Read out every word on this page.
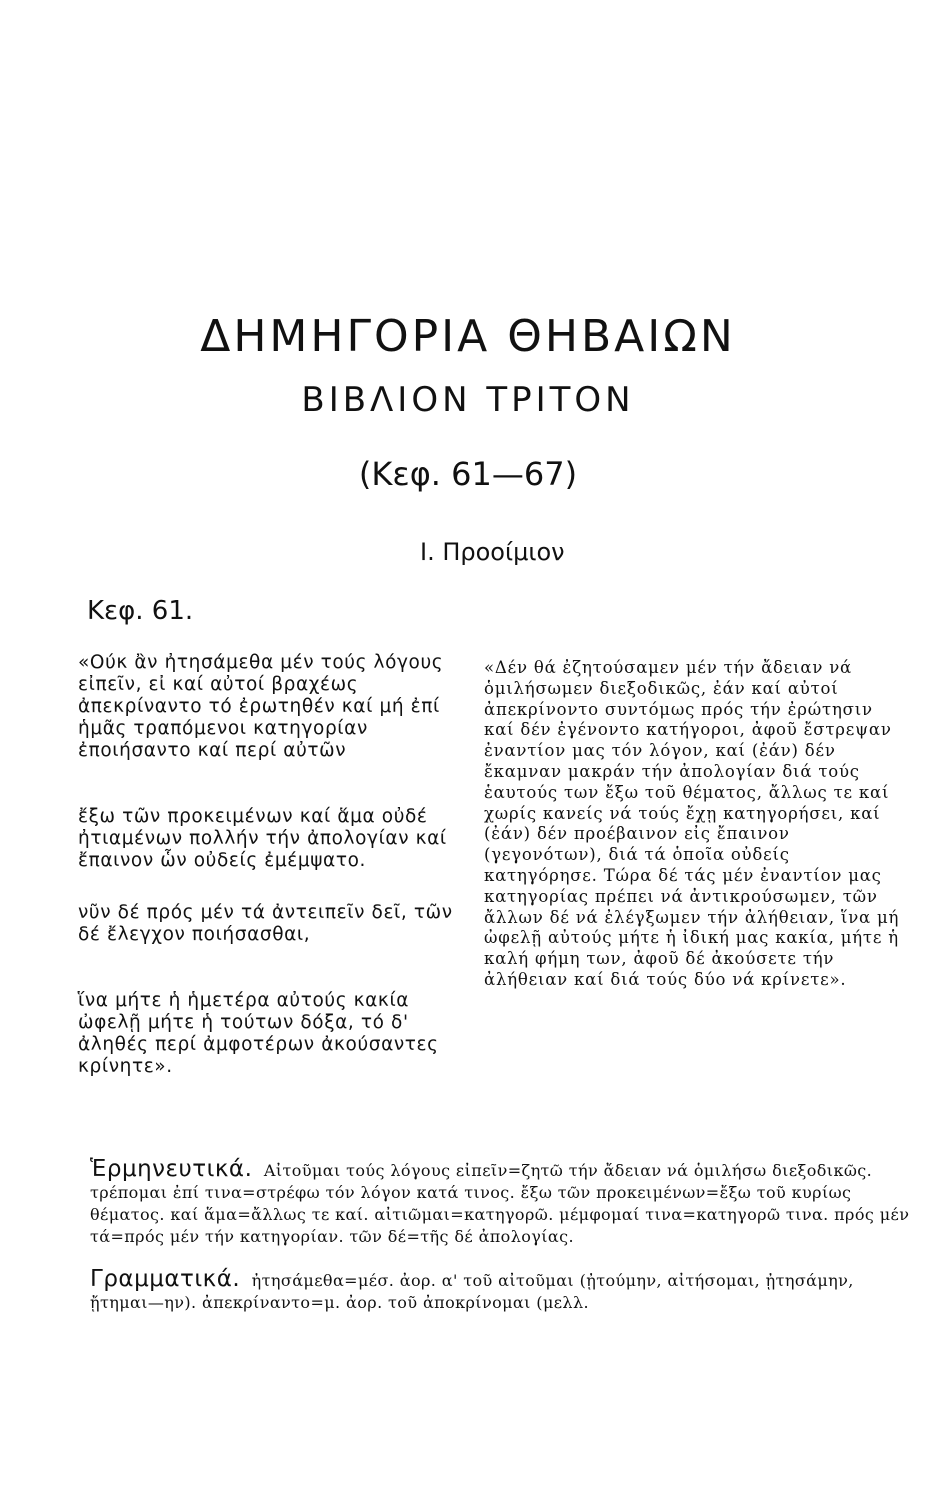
ΔΗΜΗΓΟΡΙΑ ΘΗΒΑΙΩΝ
ΒΙΒΛΙΟΝ ΤΡΙΤΟΝ
(Κεφ. 61—67)
Ι. Προοίμιον
Κεφ. 61.

«Ούκ ἂν ἠτησάμεθα μέν τούς λόγους εἰπεῖν, εἰ καί αὐτοί βραχέως ἀπεκρίναντο τό ἐρωτηθέν καί μή ἐπί ἡμᾶς τραπόμενοι κατηγορίαν ἐποιήσαντο καί περί αὐτῶν

ἔξω τῶν προκειμένων καί ἅμα οὐδέ ἠτιαμένων πολλήν τήν ἀπολογίαν καί ἔπαινον ὧν οὐδείς ἐμέμψατο.

νῦν δέ πρός μέν τά ἀντειπεῖν δεῖ, τῶν δέ ἔλεγχον ποιήσασθαι,

ἵνα μήτε ἡ ἡμετέρα αὐτούς κακία ὠφελῇ μήτε ἡ τούτων δόξα, τό δ' ἀληθές περί ἀμφοτέρων ἀκούσαντες κρίνητε».

«Δέν θά ἐζητούσαμεν μέν τήν ἄδειαν νά ὁμιλήσωμεν διεξοδικῶς, ἐάν καί αὐτοί ἀπεκρίνοντο συντόμως πρός τήν ἐρώτησιν καί δέν ἐγένοντο κατήγοροι, ἀφοῦ ἔστρεψαν ἐναντίον μας τόν λόγον, καί (ἐάν) δέν ἔκαμναν μακράν τήν ἀπολογίαν διά τούς ἑαυτούς των ἔξω τοῦ θέματος, ἄλλως τε καί χωρίς κανείς νά τούς ἔχῃ κατηγορήσει, καί (ἐάν) δέν προέβαινον εἰς ἔπαινον (γεγονότων), διά τά ὁποῖα οὐδείς κατηγόρησε. Τώρα δέ τάς μέν ἐναντίον μας κατηγορίας πρέπει νά ἀντικρούσωμεν, τῶν ἄλλων δέ νά ἐλέγξωμεν τήν ἀλήθειαν, ἵνα μή ὠφελῇ αὐτούς μήτε ἡ ἰδική μας κακία, μήτε ἡ καλή φήμη των, ἀφοῦ δέ ἀκούσετε τήν ἀλήθειαν καί διά τούς δύο νά κρίνετε».

Ἑρμηνευτικά. Αἰτοῦμαι τούς λόγους εἰπεῖν=ζητῶ τήν ἄδειαν νά ὁμιλήσω διεξοδικῶς. τρέπομαι ἐπί τινα=στρέφω τόν λόγον κατά τινος. ἔξω τῶν προκειμένων=ἔξω τοῦ κυρίως θέματος. καί ἅμα=ἄλλως τε καί. αἰτιῶμαι=κατηγορῶ. μέμφομαί τινα=κατηγορῶ τινα. πρός μέν τά=πρός μέν τήν κατηγορίαν. τῶν δέ=τῆς δέ ἀπολογίας.

Γραμματικά. ἠτησάμεθα=μέσ. ἀορ. α' τοῦ αἰτοῦμαι (ᾐτούμην, αἰτήσομαι, ᾐτησάμην, ᾔτημαι—ην). ἀπεκρίναντο=μ. ἀορ. τοῦ ἀποκρίνομαι (μελλ.
